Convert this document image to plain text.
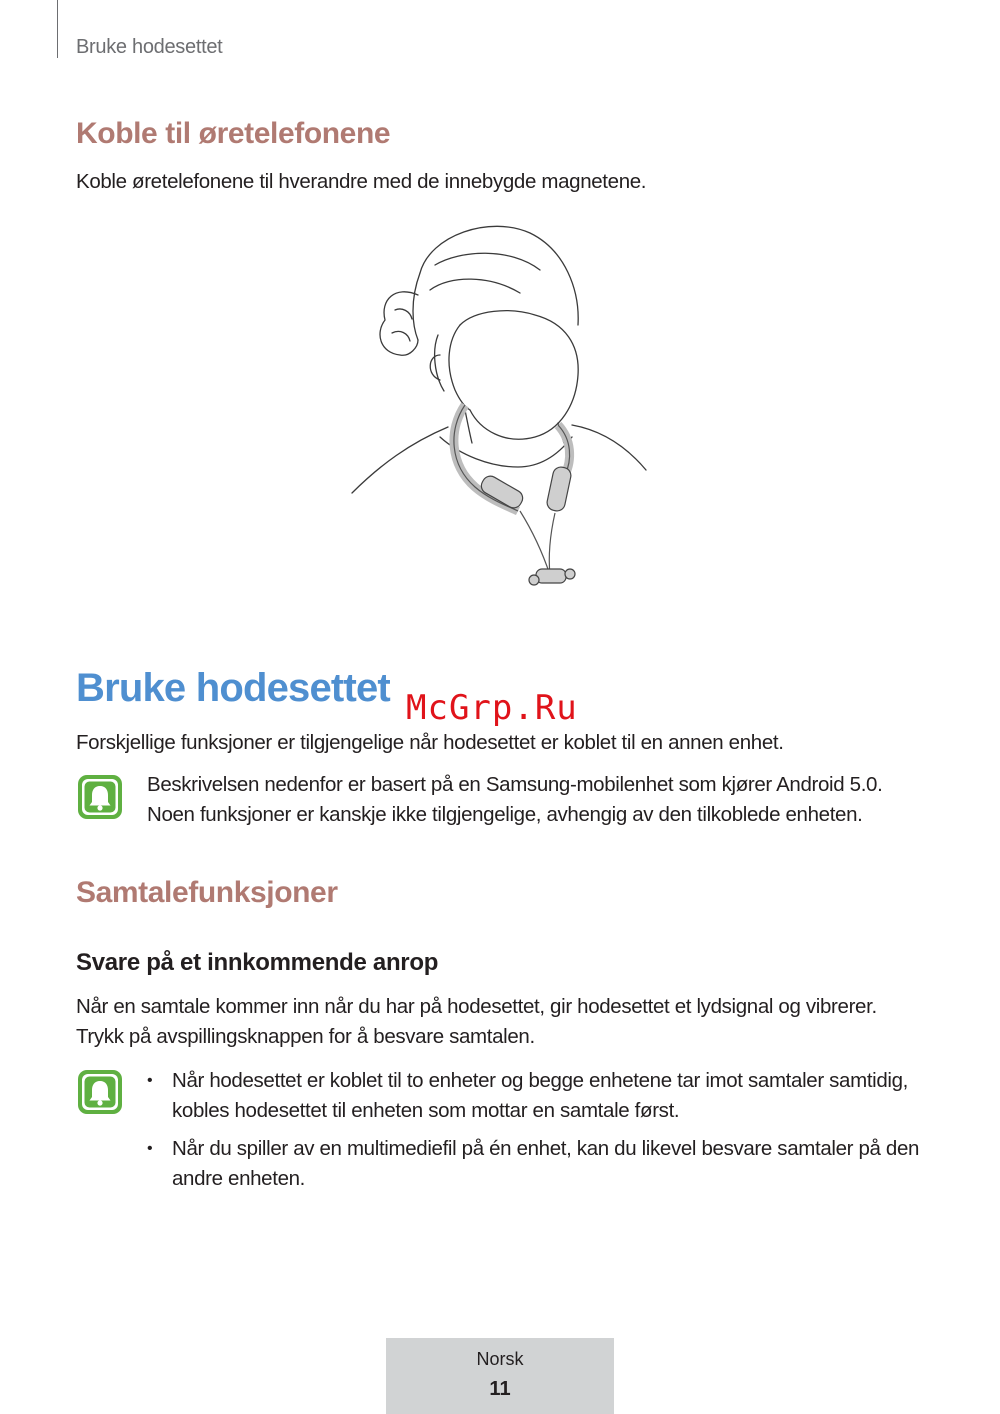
Bruke hodesettet
Koble til øretelefonene
Koble øretelefonene til hverandre med de innebygde magnetene.
Bruke hodesettet McGrp.Ru
Forskjellige funksjoner er tilgjengelige når hodesettet er koblet til en annen enhet.
Beskrivelsen nedenfor er basert på en Samsung-mobilenhet som kjører Android 5.0.
Noen funksjoner er kanskje ikke tilgjengelige, avhengig av den tilkoblede enheten.
Samtalefunksjoner
Svare på et innkommende anrop
Når en samtale kommer inn når du har på hodesettet, gir hodesettet et lydsignal og vibrerer.
Trykk på avspillingsknappen for å besvare samtalen.
• Når hodesettet er koblet til to enheter og begge enhetene tar imot samtaler samtidig, kobles hodesettet til enheten som mottar en samtale først.
• Når du spiller av en multimediefil på én enhet, kan du likevel besvare samtaler på den andre enheten.
Norsk
11
